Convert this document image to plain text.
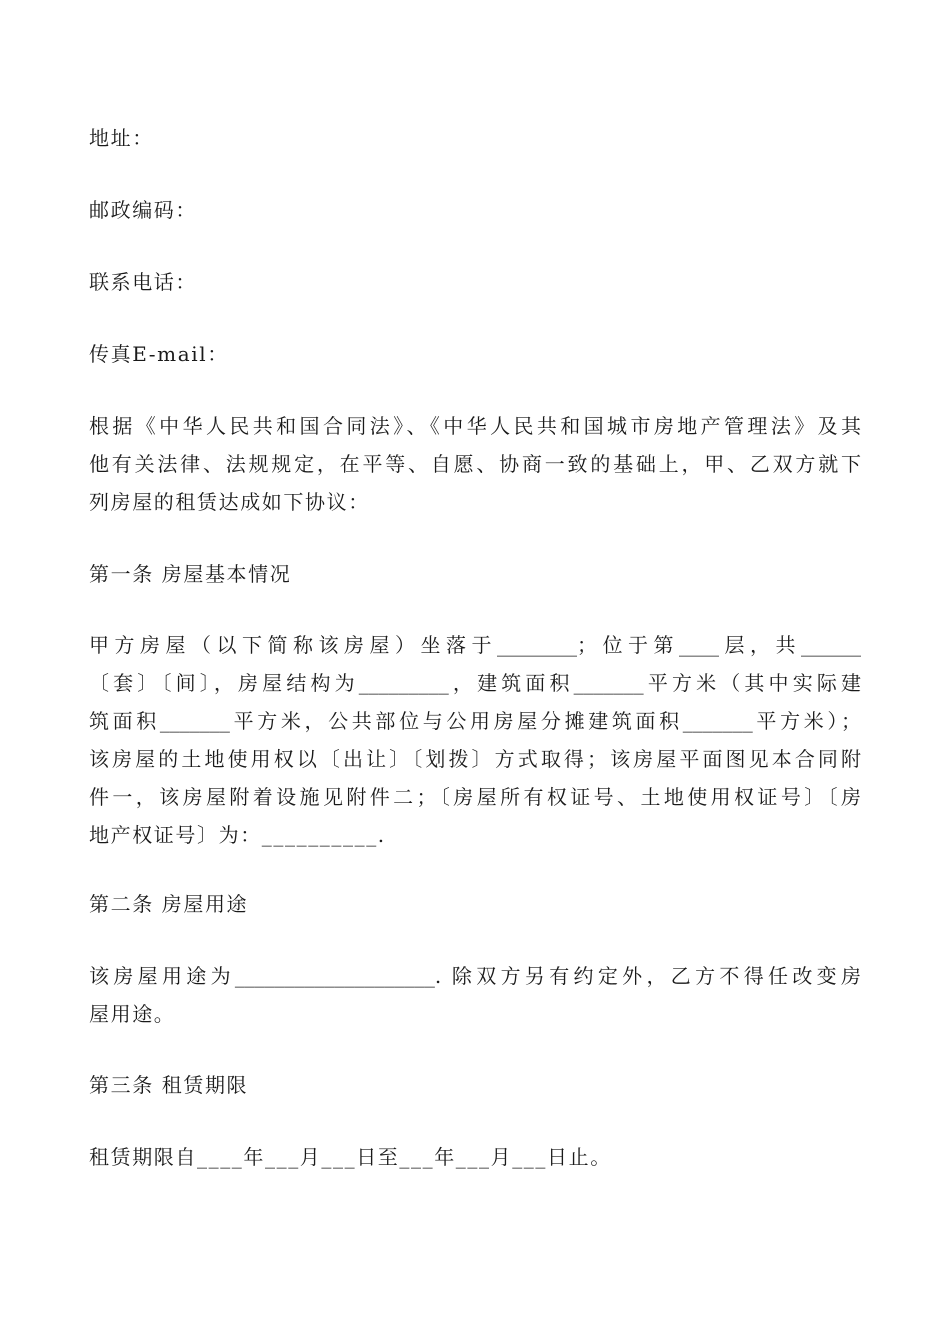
地址：
邮政编码：
联系电话：
传真E-mail：
根据《中华人民共和国合同法》、《中华人民共和国城市房地产管理法》及其
他有关法律、法规规定，在平等、自愿、协商一致的基础上，甲、乙双方就下
列房屋的租赁达成如下协议：
第一条 房屋基本情况
甲方房屋（以下简称该房屋）坐落于________；位于第____层，共______
〔套〕〔间〕，房屋结构为_________，建筑面积_______平方米（其中实际建
筑面积_______平方米，公共部位与公用房屋分摊建筑面积_______平方米）；
该房屋的土地使用权以〔出让〕〔划拨〕方式取得；该房屋平面图见本合同附
件一，该房屋附着设施见附件二；〔房屋所有权证号、土地使用权证号〕〔房
地产权证号〕为：__________.
第二条 房屋用途
该房屋用途为____________________. 除双方另有约定外，乙方不得任改变房
屋用途。
第三条 租赁期限
租赁期限自____年___月___日至___年___月___日止。
